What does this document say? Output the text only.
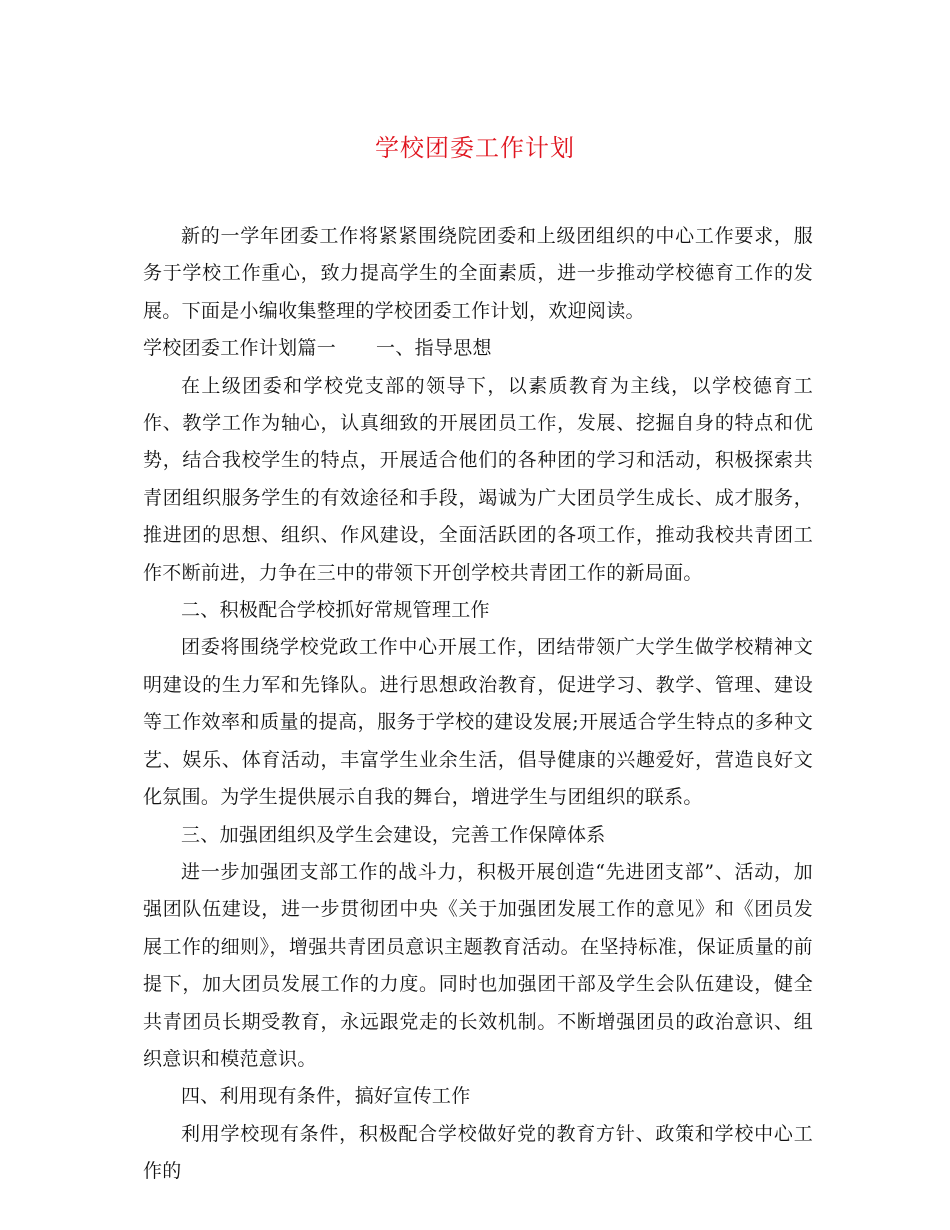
学校团委工作计划

新的一学年团委工作将紧紧围绕院团委和上级团组织的中心工作要求，服务于学校工作重心，致力提高学生的全面素质，进一步推动学校德育工作的发展。下面是小编收集整理的学校团委工作计划，欢迎阅读。

学校团委工作计划篇一 一、指导思想

在上级团委和学校党支部的领导下，以素质教育为主线，以学校德育工作、教学工作为轴心，认真细致的开展团员工作，发展、挖掘自身的特点和优势，结合我校学生的特点，开展适合他们的各种团的学习和活动，积极探索共青团组织服务学生的有效途径和手段，竭诚为广大团员学生成长、成才服务，推进团的思想、组织、作风建设，全面活跃团的各项工作，推动我校共青团工作不断前进，力争在三中的带领下开创学校共青团工作的新局面。

二、积极配合学校抓好常规管理工作

团委将围绕学校党政工作中心开展工作，团结带领广大学生做学校精神文明建设的生力军和先锋队。进行思想政治教育，促进学习、教学、管理、建设等工作效率和质量的提高，服务于学校的建设发展;开展适合学生特点的多种文艺、娱乐、体育活动，丰富学生业余生活，倡导健康的兴趣爱好，营造良好文化氛围。为学生提供展示自我的舞台，增进学生与团组织的联系。

三、加强团组织及学生会建设，完善工作保障体系

进一步加强团支部工作的战斗力，积极开展创造“先进团支部”、活动，加强团队伍建设，进一步贯彻团中央《关于加强团发展工作的意见》和《团员发展工作的细则》，增强共青团员意识主题教育活动。在坚持标准，保证质量的前提下，加大团员发展工作的力度。同时也加强团干部及学生会队伍建设，健全共青团员长期受教育，永远跟党走的长效机制。不断增强团员的政治意识、组织意识和模范意识。

四、利用现有条件，搞好宣传工作

利用学校现有条件，积极配合学校做好党的教育方针、政策和学校中心工作的
